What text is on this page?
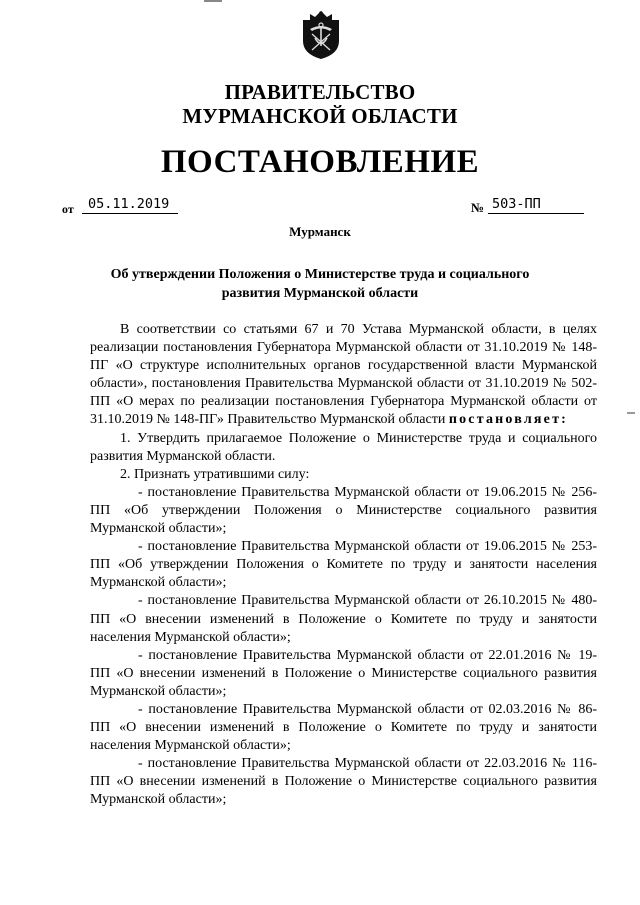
ПРАВИТЕЛЬСТВО
МУРМАНСКОЙ ОБЛАСТИ
ПОСТАНОВЛЕНИЕ
от	05.11.2019	№ 503-ПП
Мурманск
Об утверждении Положения о Министерстве труда и социального
развития Мурманской области

В соответствии со статьями 67 и 70 Устава Мурманской области, в целях реализации постановления Губернатора Мурманской области от 31.10.2019 № 148-ПГ «О структуре исполнительных органов государственной власти Мурманской области», постановления Правительства Мурманской области от 31.10.2019 № 502-ПП «О мерах по реализации постановления Губернатора Мурманской области от 31.10.2019 № 148-ПГ» Правительство Мурманской области постановляет:

1. Утвердить прилагаемое Положение о Министерстве труда и социального развития Мурманской области.

2. Признать утратившими силу:

- постановление Правительства Мурманской области от 19.06.2015 № 256-ПП «Об утверждении Положения о Министерстве социального развития Мурманской области»;

- постановление Правительства Мурманской области от 19.06.2015 № 253-ПП «Об утверждении Положения о Комитете по труду и занятости населения Мурманской области»;

- постановление Правительства Мурманской области от 26.10.2015 № 480-ПП «О внесении изменений в Положение о Комитете по труду и занятости населения Мурманской области»;

- постановление Правительства Мурманской области от 22.01.2016 № 19-ПП «О внесении изменений в Положение о Министерстве социального развития Мурманской области»;

- постановление Правительства Мурманской области от 02.03.2016 № 86-ПП «О внесении изменений в Положение о Комитете по труду и занятости населения Мурманской области»;

- постановление Правительства Мурманской области от 22.03.2016 № 116-ПП «О внесении изменений в Положение о Министерстве социального развития Мурманской области»;
